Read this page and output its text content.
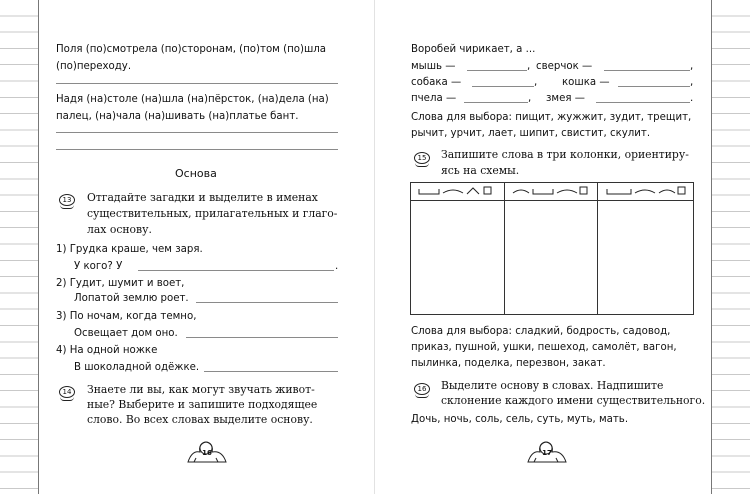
Поля (по)смотрела (по)сторонам, (по)том (по)шла
(по)переходу.
Надя (на)столе (на)шла (на)пёрсток, (на)дела (на)
палец, (на)чала (на)шивать (на)платье бант.
Основа
13	Отгадайте загадки и выделите в именах
существительных, прилагательных и глаго-
лах основу.
1) Грудка краше, чем заря.
У кого? У	.
2) Гудит, шумит и воет,
Лопатой землю роет.
3) По ночам, когда темно,
Освещает дом оно.
4) На одной ножке
В шоколадной одёжке.
14	Знаете ли вы, как могут звучать живот-
ные? Выберите и запишите подходящее
слово. Во всех словах выделите основу.
16
Воробей чирикает, а ...
мышь —	, сверчок —	,
собака —	, кошка —	,
пчела —	, змея —	.
Слова для выбора: пищит, жужжит, зудит, трещит,
рычит, урчит, лает, шипит, свистит, скулит.
15	Запишите слова в три колонки, ориентиру-
ясь на схемы.

Слова для выбора: сладкий, бодрость, садовод,
приказ, пушной, ушки, пешеход, самолёт, вагон,
пылинка, поделка, перезвон, закат.
16	Выделите основу в словах. Надпишите
склонение каждого имени существительного.
Дочь, ночь, соль, сель, суть, муть, мать.
17
